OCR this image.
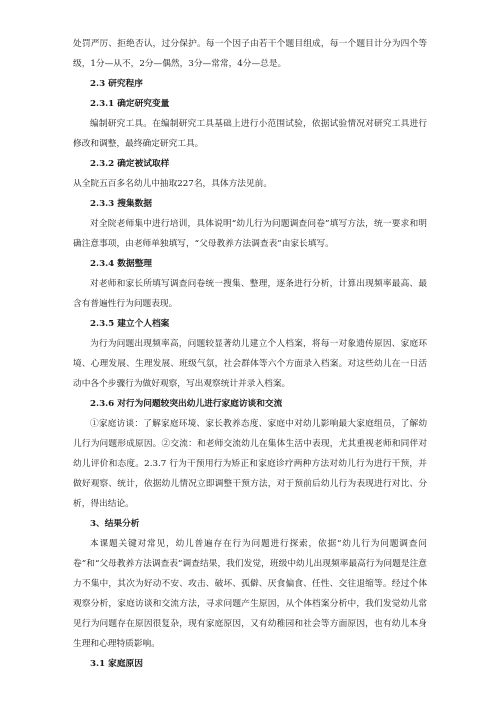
处罚严厉、拒绝否认，过分保护。每一个因子由若干个题目组成，每一个题目计分为四个等级，1分—从不，2分—偶然，3分—常常，4分—总是。

2.3 研究程序

2.3.1 确定研究变量

编制研究工具。在编制研究工具基础上进行小范围试验，依据试验情况对研究工具进行修改和调整，最终确定研究工具。

2.3.2 确定被试取样

从全院五百多名幼儿中抽取227名，具体方法见前。

2.3.3 搜集数据

对全院老师集中进行培训，具体说明“幼儿行为问题调查问卷”填写方法，统一要求和明确注意事项，由老师单独填写，“父母教养方法调查表”由家长填写。

2.3.4 数据整理

对老师和家长所填写调查问卷统一搜集、整理，逐条进行分析，计算出现频率最高、最含有普遍性行为问题表现。

2.3.5 建立个人档案

为行为问题出现频率高，问题较显著幼儿建立个人档案，将每一对象遗传原因、家庭环境、心理发展、生理发展、班级气氛，社会群体等六个方面录入档案。对这些幼儿在一日活动中各个步骤行为做好观察，写出观察统计并录入档案。

2.3.6 对行为问题较突出幼儿进行家庭访谈和交流

①家庭访谈：了解家庭环境、家长教养态度、家庭中对幼儿影响最大家庭组员，了解幼儿行为问题形成原因。②交流：和老师交流幼儿在集体生活中表现，尤其重视老师和同伴对幼儿评价和态度。2.3.7 行为干预用行为矫正和家庭诊疗两种方法对幼儿行为进行干预，并做好观察、统计，依据幼儿情况立即调整干预方法，对于预前后幼儿行为表现进行对比、分析，得出结论。

3、结果分析

本课题关键对常见，幼儿普遍存在行为问题进行探索，依据“幼儿行为问题调查问卷”和“父母教养方法调查表”调查结果，我们发觉，班级中幼儿出现频率最高行为问题是注意力不集中，其次为好动不安、攻击、破坏、孤僻、厌食偏食、任性、交往退缩等。经过个体观察分析，家庭访谈和交流方法，寻求问题产生原因，从个体档案分析中，我们发觉幼儿常见行为问题存在原因很复杂，现有家庭原因，又有幼稚园和社会等方面原因，也有幼儿本身生理和心理特质影响。

3.1 家庭原因
